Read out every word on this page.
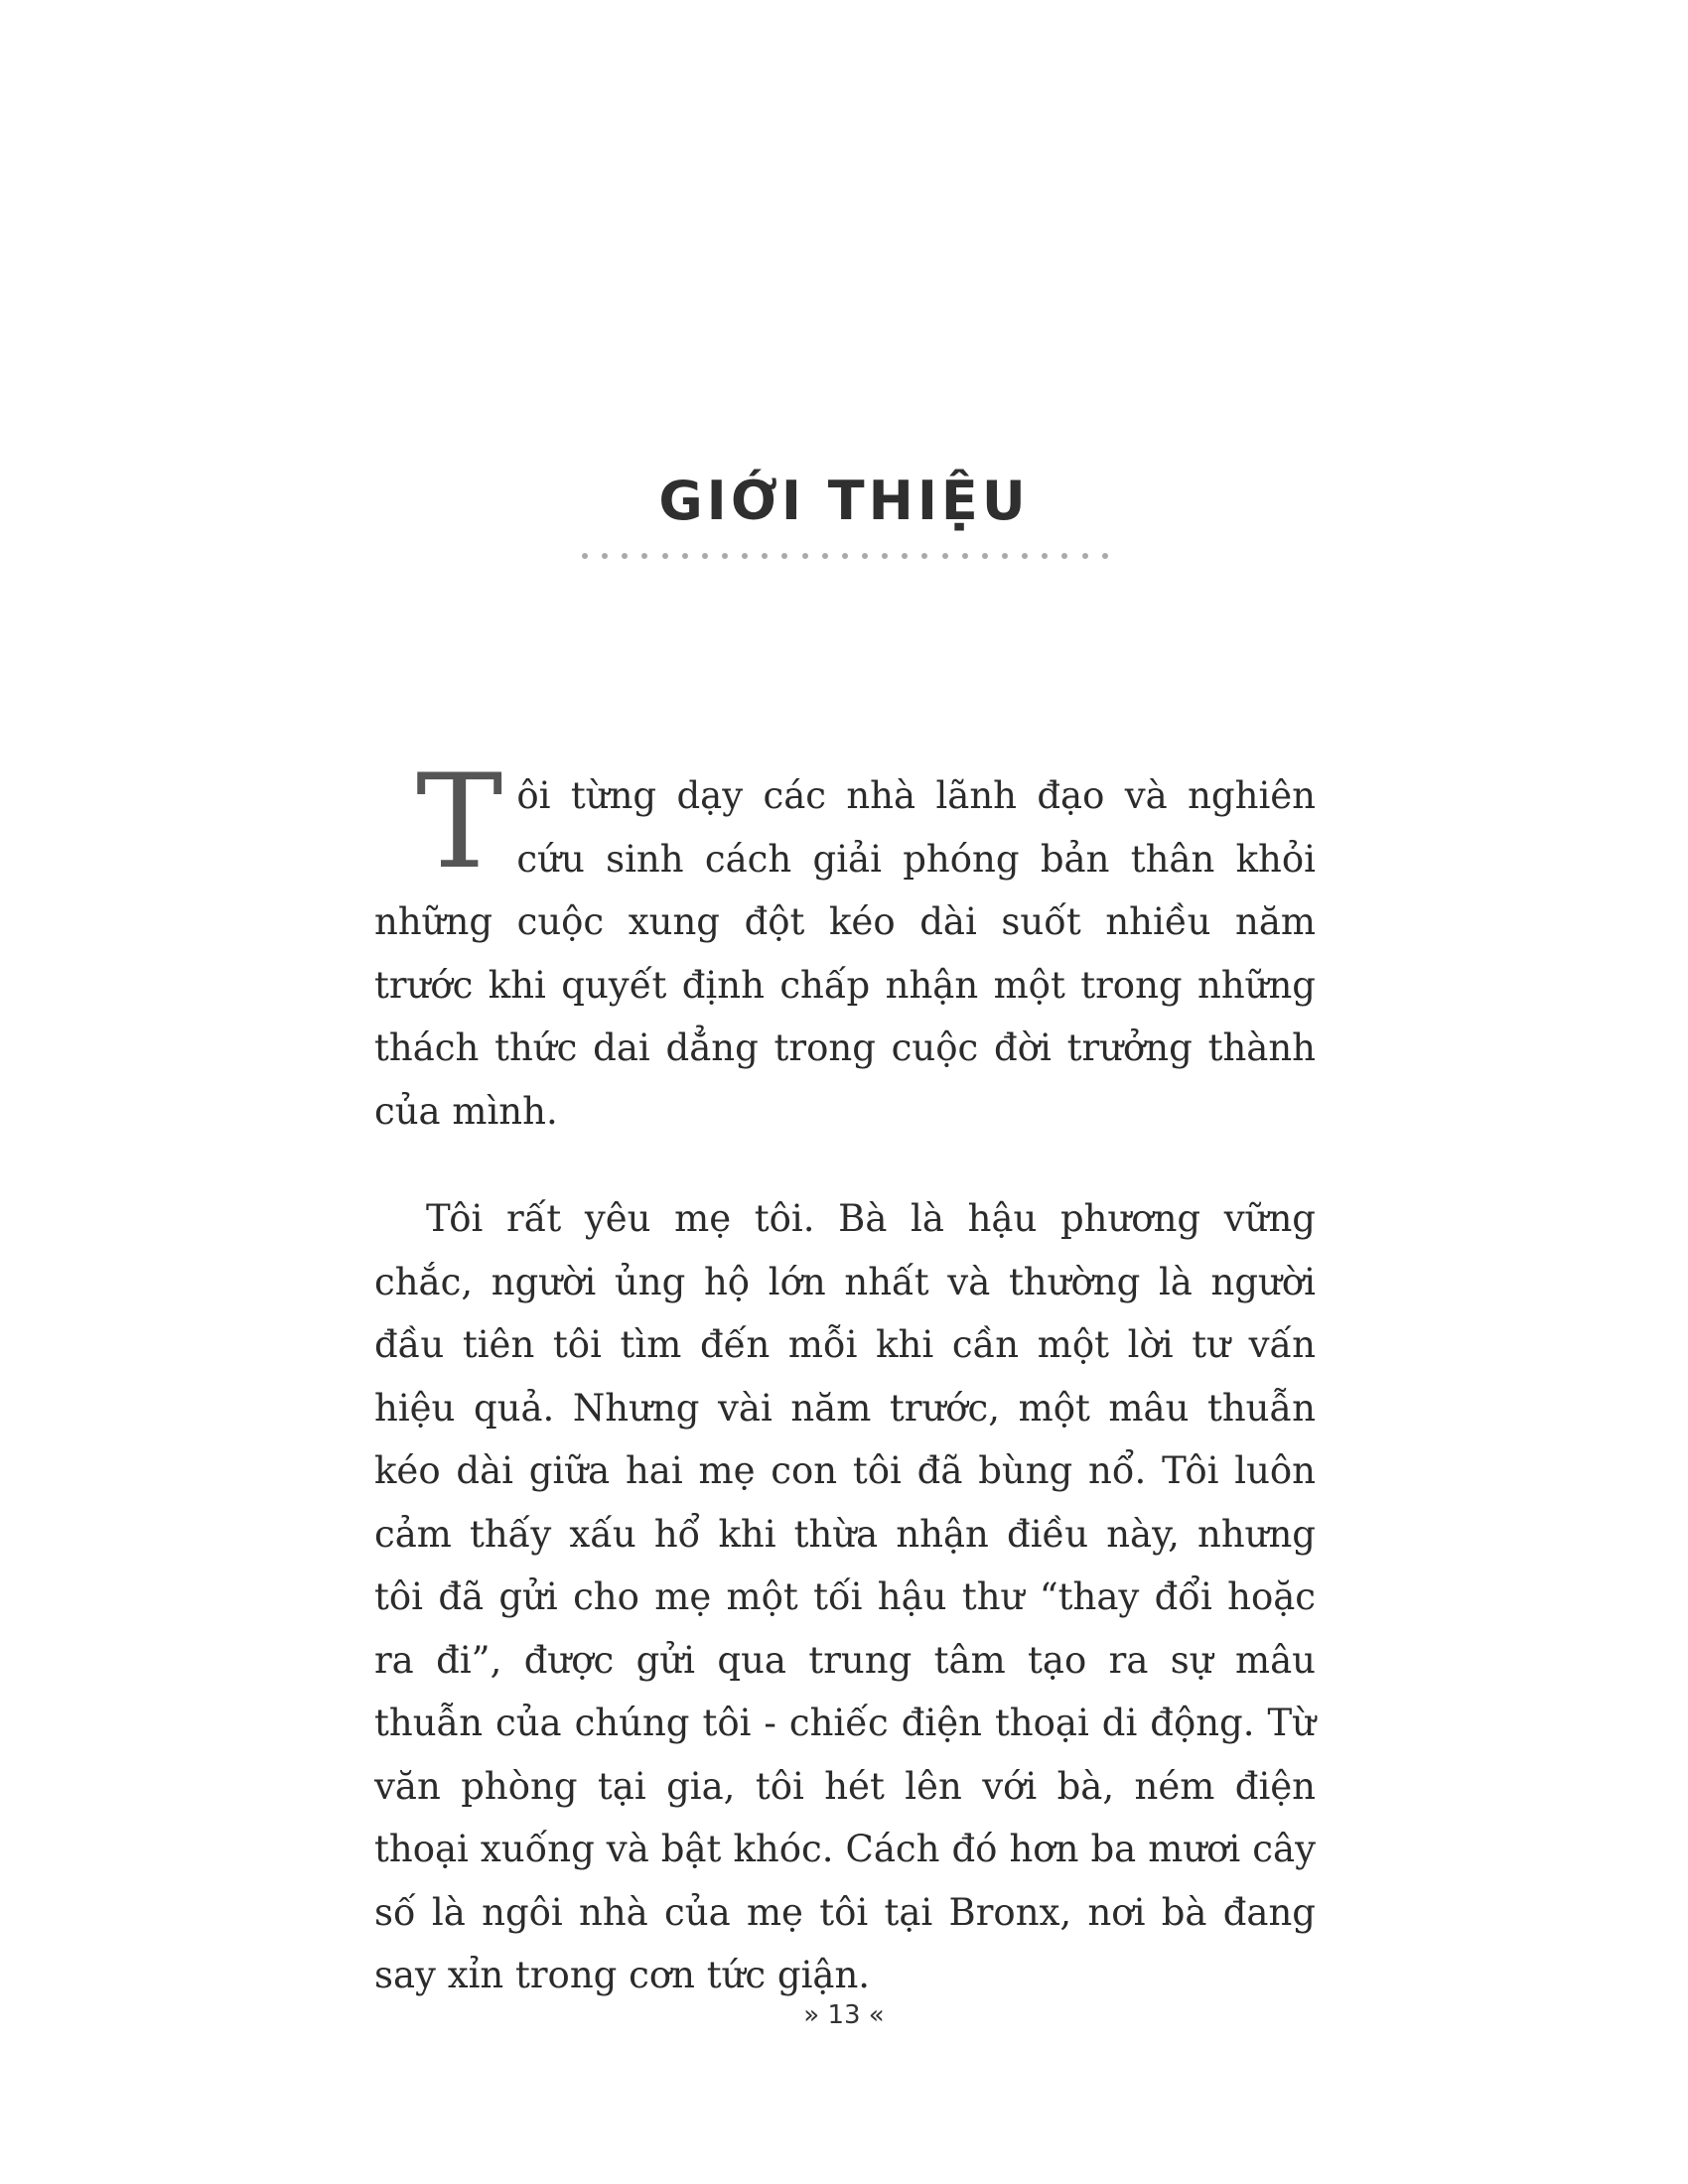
GIỚI THIỆU

Tôi từng dạy các nhà lãnh đạo và nghiên cứu sinh cách giải phóng bản thân khỏi những cuộc xung đột kéo dài suốt nhiều năm trước khi quyết định chấp nhận một trong những thách thức dai dẳng trong cuộc đời trưởng thành của mình.

Tôi rất yêu mẹ tôi. Bà là hậu phương vững chắc, người ủng hộ lớn nhất và thường là người đầu tiên tôi tìm đến mỗi khi cần một lời tư vấn hiệu quả. Nhưng vài năm trước, một mâu thuẫn kéo dài giữa hai mẹ con tôi đã bùng nổ. Tôi luôn cảm thấy xấu hổ khi thừa nhận điều này, nhưng tôi đã gửi cho mẹ một tối hậu thư “thay đổi hoặc ra đi”, được gửi qua trung tâm tạo ra sự mâu thuẫn của chúng tôi - chiếc điện thoại di động. Từ văn phòng tại gia, tôi hét lên với bà, ném điện thoại xuống và bật khóc. Cách đó hơn ba mươi cây số là ngôi nhà của mẹ tôi tại Bronx, nơi bà đang say xỉn trong cơn tức giận.

» 13 «
